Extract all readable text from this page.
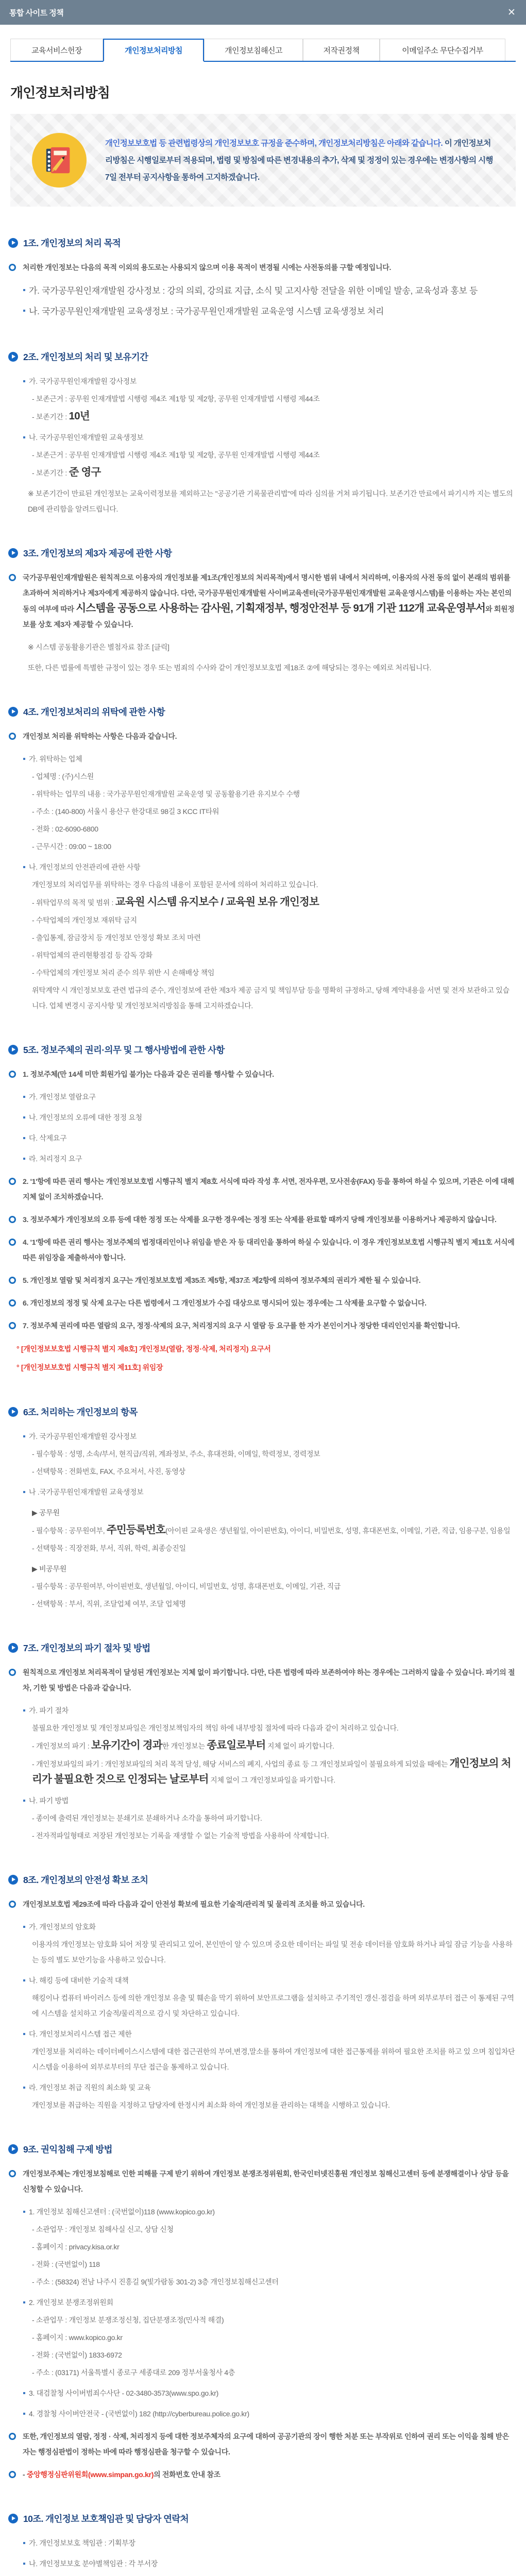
통합 사이트 정책	✕
교육서비스헌장	개인정보처리방침	개인정보침해신고	저작권정책	이메일주소 무단수집거부
개인정보처리방침
개인정보보호법 등 관련법령상의 개인정보보호 규정을 준수하며, 개인정보처리방침은 아래와 같습니다. 이 개인정보처리방침은 시행일로부터 적용되며, 법령 및 방침에 따른 변경내용의 추가, 삭제 및 정정이 있는 경우에는 변경사항의 시행 7일 전부터 공지사항을 통하여 고지하겠습니다.
1조. 개인정보의 처리 목적
처리한 개인정보는 다음의 목적 이외의 용도로는 사용되지 않으며 이용 목적이 변경될 시에는 사전동의를 구할 예정입니다.
가. 국가공무원인재개발원 강사정보 : 강의 의뢰, 강의료 지급, 소식 및 고지사항 전달을 위한 이메일 발송, 교육성과 홍보 등
나. 국가공무원인재개발원 교육생정보 : 국가공무원인재개발원 교육운영 시스템 교육생정보 처리
2조. 개인정보의 처리 및 보유기간
가. 국가공무원인재개발원 강사정보
- 보존근거 : 공무원 인재개발법 시행령 제4조 제1항 및 제2항, 공무원 인재개발법 시행령 제44조
- 보존기간 : 10년
나. 국가공무원인재개발원 교육생정보
- 보존근거 : 공무원 인재개발법 시행령 제4조 제1항 및 제2항, 공무원 인재개발법 시행령 제44조
- 보존기간 : 준 영구
※ 보존기간이 만료된 개인정보는 교육이력정보를 제외하고는 "공공기관 기록물관리법"에 따라 심의를 거쳐 파기됩니다. 보존기간 만료에서 파기시까 지는 별도의 DB에 관리함을 알려드립니다.
3조. 개인정보의 제3자 제공에 관한 사항
국가공무원인재개발원은 원칙적으로 이용자의 개인정보를 제1조(개인정보의 처리목적)에서 명시한 범위 내에서 처리하며, 이용자의 사전 동의 없이 본래의 범위를 초과하여 처리하거나 제3자에게 제공하지 않습니다. 다만, 국가공무원인재개발원 사이버교육센터(국가공무원인재개발원 교육운영시스템)를 이용하는 자는 본인의 동의 여부에 따라 시스템을 공동으로 사용하는 감사원, 기획재정부, 행정안전부 등 91개 기관 112개 교육운영부서와 회원정보를 상호 제3자 제공할 수 있습니다.
※ 시스템 공동활용기관은 별첨자료 참조 [클릭]
또한, 다른 법률에 특별한 규정이 있는 경우 또는 범죄의 수사와 같이 개인정보보호법 제18조 ②에 해당되는 경우는 예외로 처리됩니다.
4조. 개인정보처리의 위탁에 관한 사항
개인정보 처리를 위탁하는 사항은 다음과 같습니다.
가. 위탁하는 업체
- 업체명 : (주)시스원
- 위탁하는 업무의 내용 : 국가공무원인재개발원 교육운영 및 공동활용기관 유지보수 수행
- 주소 : (140-800) 서울시 용산구 한강대로 98길 3 KCC IT타워
- 전화 : 02-6090-6800
- 근무시간 : 09:00 ~ 18:00
나. 개인정보의 안전관리에 관한 사항
개인정보의 처리업무를 위탁하는 경우 다음의 내용이 포함된 문서에 의하여 처리하고 있습니다.
- 위탁업무의 목적 및 범위 : 교육원 시스템 유지보수 / 교육원 보유 개인정보
- 수탁업체의 개인정보 재위탁 금지
- 출입통제, 잠금장치 등 개인정보 안정성 확보 조치 마련
- 위탁업체의 관리현황점검 등 감독 강화
- 수탁업체의 개인정보 처리 준수 의무 위반 시 손해배상 책임
위탁계약 시 개인정보보호 관련 법규의 준수, 개인정보에 관한 제3자 제공 금지 및 책임부담 등을 명확히 규정하고, 당해 계약내용을 서면 및 전자 보관하고 있습니다. 업체 변경시 공지사항 및 개인정보처리방침을 통해 고지하겠습니다.
5조. 정보주체의 권리·의무 및 그 행사방법에 관한 사항
1. 정보주체(만 14세 미만 회원가입 불가)는 다음과 같은 권리를 행사할 수 있습니다.
가. 개인정보 열람요구
나. 개인정보의 오류에 대한 정정 요청
다. 삭제요구
라. 처리정지 요구
2. '1'항에 따른 권리 행사는 개인정보보호법 시행규칙 별지 제8호 서식에 따라 작성 후 서면, 전자우편, 모사전송(FAX) 등을 통하여 하실 수 있으며, 기관은 이에 대해 지체 없이 조치하겠습니다.
3. 정보주체가 개인정보의 오류 등에 대한 정정 또는 삭제를 요구한 경우에는 정정 또는 삭제를 완료할 때까지 당해 개인정보를 이용하거나 제공하지 않습니다.
4. '1'항에 따른 권리 행사는 정보주체의 법정대리인이나 위임을 받은 자 등 대리인을 통하여 하실 수 있습니다. 이 경우 개인정보보호법 시행규칙 별지 제11호 서식에 따른 위임장을 제출하셔야 합니다.
5. 개인정보 열람 및 처리정지 요구는 개인정보보호법 제35조 제5항, 제37조 제2항에 의하여 정보주체의 권리가 제한 될 수 있습니다.
6. 개인정보의 정정 및 삭제 요구는 다른 법령에서 그 개인정보가 수집 대상으로 명시되어 있는 경우에는 그 삭제를 요구할 수 없습니다.
7. 정보주체 권리에 따른 열람의 요구, 정정·삭제의 요구, 처리정지의 요구 시 열람 등 요구를 한 자가 본인이거나 정당한 대리인인지를 확인합니다.
° [개인정보보호법 시행규칙 별지 제8호] 개인정보(열람, 정정·삭제, 처리정지) 요구서
° [개인정보보호법 시행규칙 별지 제11호] 위임장
6조. 처리하는 개인정보의 항목
가. 국가공무원인재개발원 강사정보
- 필수항목 : 성명, 소속/부서, 현직급/직위, 계좌정보, 주소, 휴대전화, 이메일, 학력정보, 경력정보
- 선택항목 : 전화번호, FAX, 주요저서, 사진, 동영상
나 .국가공무원인재개발원 교육생정보
▶ 공무원
- 필수항목 : 공무원여부, 주민등록번호(아이핀 교육생은 생년월일, 아이핀번호), 아이디, 비밀번호, 성명, 휴대폰번호, 이메일, 기관, 직급, 임용구분, 임용일
- 선택항목 : 직장전화, 부서, 직위, 학력, 최종승진일
▶ 비공무원
- 필수항목 : 공무원여부, 아이핀번호, 생년월일, 아이디, 비밀번호, 성명, 휴대폰번호, 이메일, 기관, 직급
- 선택항목 : 부서, 직위, 조달업체 여부, 조달 업체명
7조. 개인정보의 파기 절차 및 방법
원칙적으로 개인정보 처리목적이 달성된 개인정보는 지체 없이 파기합니다. 다만, 다른 법령에 따라 보존하여야 하는 경우에는 그러하지 않을 수 있습니다. 파기의 절차, 기한 및 방법은 다음과 같습니다.
가. 파기 절차
불필요한 개인정보 및 개인정보파일은 개인정보책임자의 책임 하에 내부방침 절차에 따라 다음과 같이 처리하고 있습니다.
- 개인정보의 파기 : 보유기간이 경과한 개인정보는 종료일로부터 지체 없이 파기합니다.
- 개인정보파일의 파기 : 개인정보파일의 처리 목적 달성, 해당 서비스의 폐지, 사업의 종료 등 그 개인정보파일이 불필요하게 되었을 때에는 개인정보의 처리가 불필요한 것으로 인정되는 날로부터 지체 없이 그 개인정보파일을 파기합니다.
나. 파기 방법
- 종이에 출력된 개인정보는 분쇄기로 분쇄하거나 소각을 통하여 파기합니다.
- 전자적파일형태로 저장된 개인정보는 기록을 재생할 수 없는 기술적 방법을 사용하여 삭제합니다.
8조. 개인정보의 안전성 확보 조치
개인정보보호법 제29조에 따라 다음과 같이 안전성 확보에 필요한 기술적/관리적 및 물리적 조치를 하고 있습니다.
가. 개인정보의 암호화
이용자의 개인정보는 암호화 되어 저장 및 관리되고 있어, 본인만이 알 수 있으며 중요한 데이터는 파일 및 전송 데이터를 암호화 하거나 파일 잠금 기능을 사용하는 등의 별도 보안기능을 사용하고 있습니다.
나. 해킹 등에 대비한 기술적 대책
해킹이나 컴퓨터 바이러스 등에 의한 개인정보 유출 및 훼손을 막기 위하여 보안프로그램을 설치하고 주기적인 갱신·점검을 하며 외부로부터 접근 이 통제된 구역에 시스템을 설치하고 기술적/물리적으로 감시 및 차단하고 있습니다.
다. 개인정보처리시스템 접근 제한
개인정보를 처리하는 데이터베이스시스템에 대한 접근권한의 부여,변경,말소를 통하여 개인정보에 대한 접근통제를 위하여 필요한 조치를 하고 있 으며 침입차단시스템을 이용하여 외부로부터의 무단 접근을 통제하고 있습니다.
라. 개인정보 취급 직원의 최소화 및 교육
개인정보를 취급하는 직원을 지정하고 담당자에 한정시켜 최소화 하여 개인정보를 관리하는 대책을 시행하고 있습니다.
9조. 권익침해 구제 방법
개인정보주체는 개인정보침해로 인한 피해를 구제 받기 위하여 개인정보 분쟁조정위원회, 한국인터넷진흥원 개인정보 침해신고센터 등에 분쟁해결이나 상담 등을 신청할 수 있습니다.
1. 개인정보 침해신고센터 : (국번없이)118 (www.kopico.go.kr)
- 소관업무 : 개인정보 침해사실 신고, 상담 신청
- 홈페이지 : privacy.kisa.or.kr
- 전화 : (국번없이) 118
- 주소 : (58324) 전남 나주시 진흥길 9(빛가람동 301-2) 3층 개인정보침해신고센터
2. 개인정보 분쟁조정위원회
- 소관업무 : 개인정보 분쟁조정신청, 집단분쟁조정(민사적 해결)
- 홈페이지 : www.kopico.go.kr
- 전화 : (국번없이) 1833-6972
- 주소 : (03171) 서울특별시 종로구 세종대로 209 정부서울청사 4층
3. 대검찰청 사이버범죄수사단 - 02-3480-3573(www.spo.go.kr)
4. 경찰청 사이버안전국 - (국번없이) 182 (http://cyberbureau.police.go.kr)
또한, 개인정보의 열람, 정정 · 삭제, 처리정지 등에 대한 정보주체자의 요구에 대하여 공공기관의 장이 행한 처분 또는 부작위로 인하여 권리 또는 이익을 침해 받은 자는 행정심판법이 정하는 바에 따라 행정심판을 청구할 수 있습니다.
- 중앙행정심판위원회(www.simpan.go.kr)의 전화번호 안내 참조
10조. 개인정보 보호책임관 및 담당자 연락처
가. 개인정보보호 책임관 : 기획부장
나. 개인정보보호 분야별책임관 : 각 부서장
